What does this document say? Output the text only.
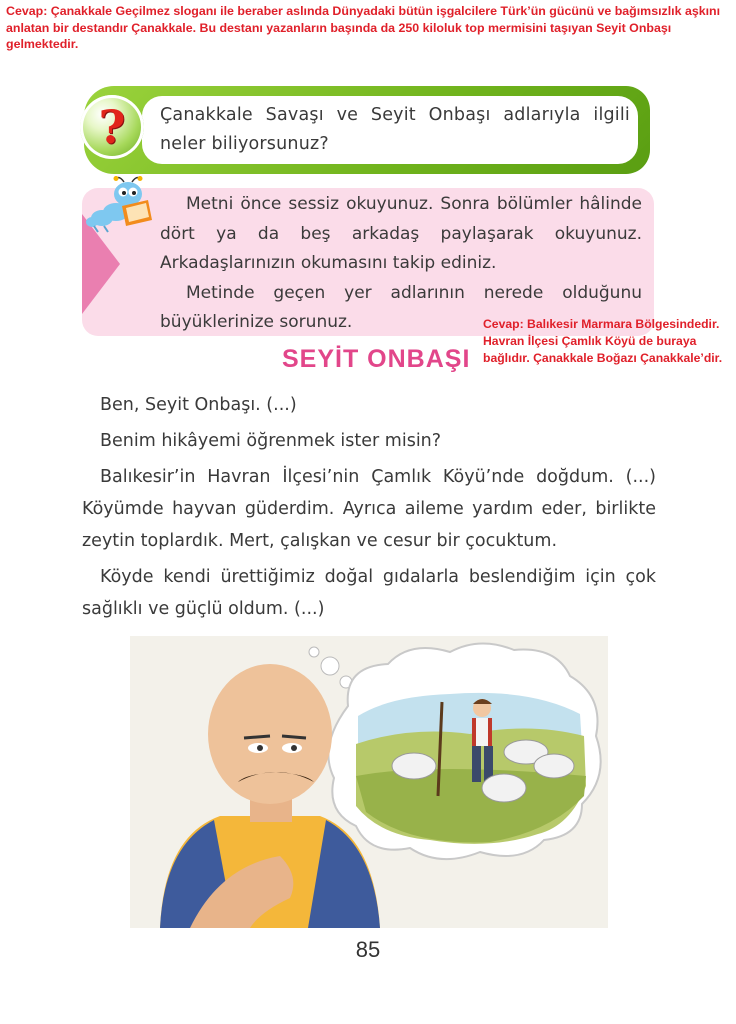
Cevap: Çanakkale Geçilmez sloganı ile beraber aslında Dünyadaki bütün işgalcilere Türk’ün gücünü ve bağımsızlık aşkını anlatan bir destandır Çanakkale. Bu destanı yazanların başında da 250 kiloluk top mermisini taşıyan Seyit Onbaşı gelmektedir.
?	Çanakkale Savaşı ve Seyit Onbaşı adlarıyla ilgili neler biliyorsunuz?

Metni önce sessiz okuyunuz. Sonra bölümler hâlinde dört ya da beş arkadaş paylaşarak okuyunuz. Arkadaşlarınızın okumasını takip ediniz.

Metinde geçen yer adlarının nerede olduğunu büyüklerinize sorunuz.	Cevap: Balıkesir Marmara Bölgesindedir. Havran İlçesi Çamlık Köyü de buraya bağlıdır. Çanakkale Boğazı Çanakkale’dir.
SEYİT ONBAŞI

Ben, Seyit Onbaşı. (...)

Benim hikâyemi öğrenmek ister misin?

Balıkesir’in Havran İlçesi’nin Çamlık Köyü’nde doğdum. (...) Köyümde hayvan güderdim. Ayrıca aileme yardım eder, birlikte zeytin toplardık. Mert, çalışkan ve cesur bir çocuktum.

Köyde kendi ürettiğimiz doğal gıdalarla beslendiğim için çok sağlıklı ve güçlü oldum. (...)

85
